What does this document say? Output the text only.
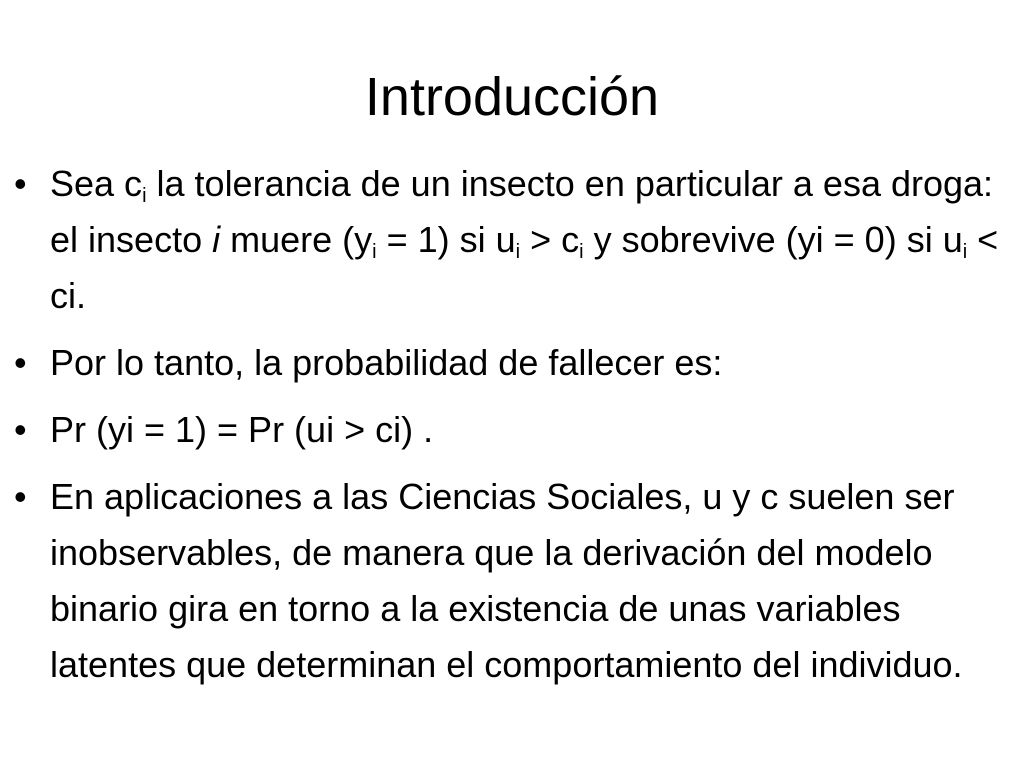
Introducción
• Sea $c_i$ la tolerancia de un insecto en particular a esa droga: el insecto i muere $(y_i = 1)$ si $u_i > c_i$ y sobrevive (yi = 0) si $u_i$ < ci.
• Por lo tanto, la probabilidad de fallecer es:
• Pr (yi = 1) = Pr (ui > ci) .
• En aplicaciones a las Ciencias Sociales, u y c suelen ser inobservables, de manera que la derivación del modelo binario gira en torno a la existencia de unas variables latentes que determinan el comportamiento del individuo.
